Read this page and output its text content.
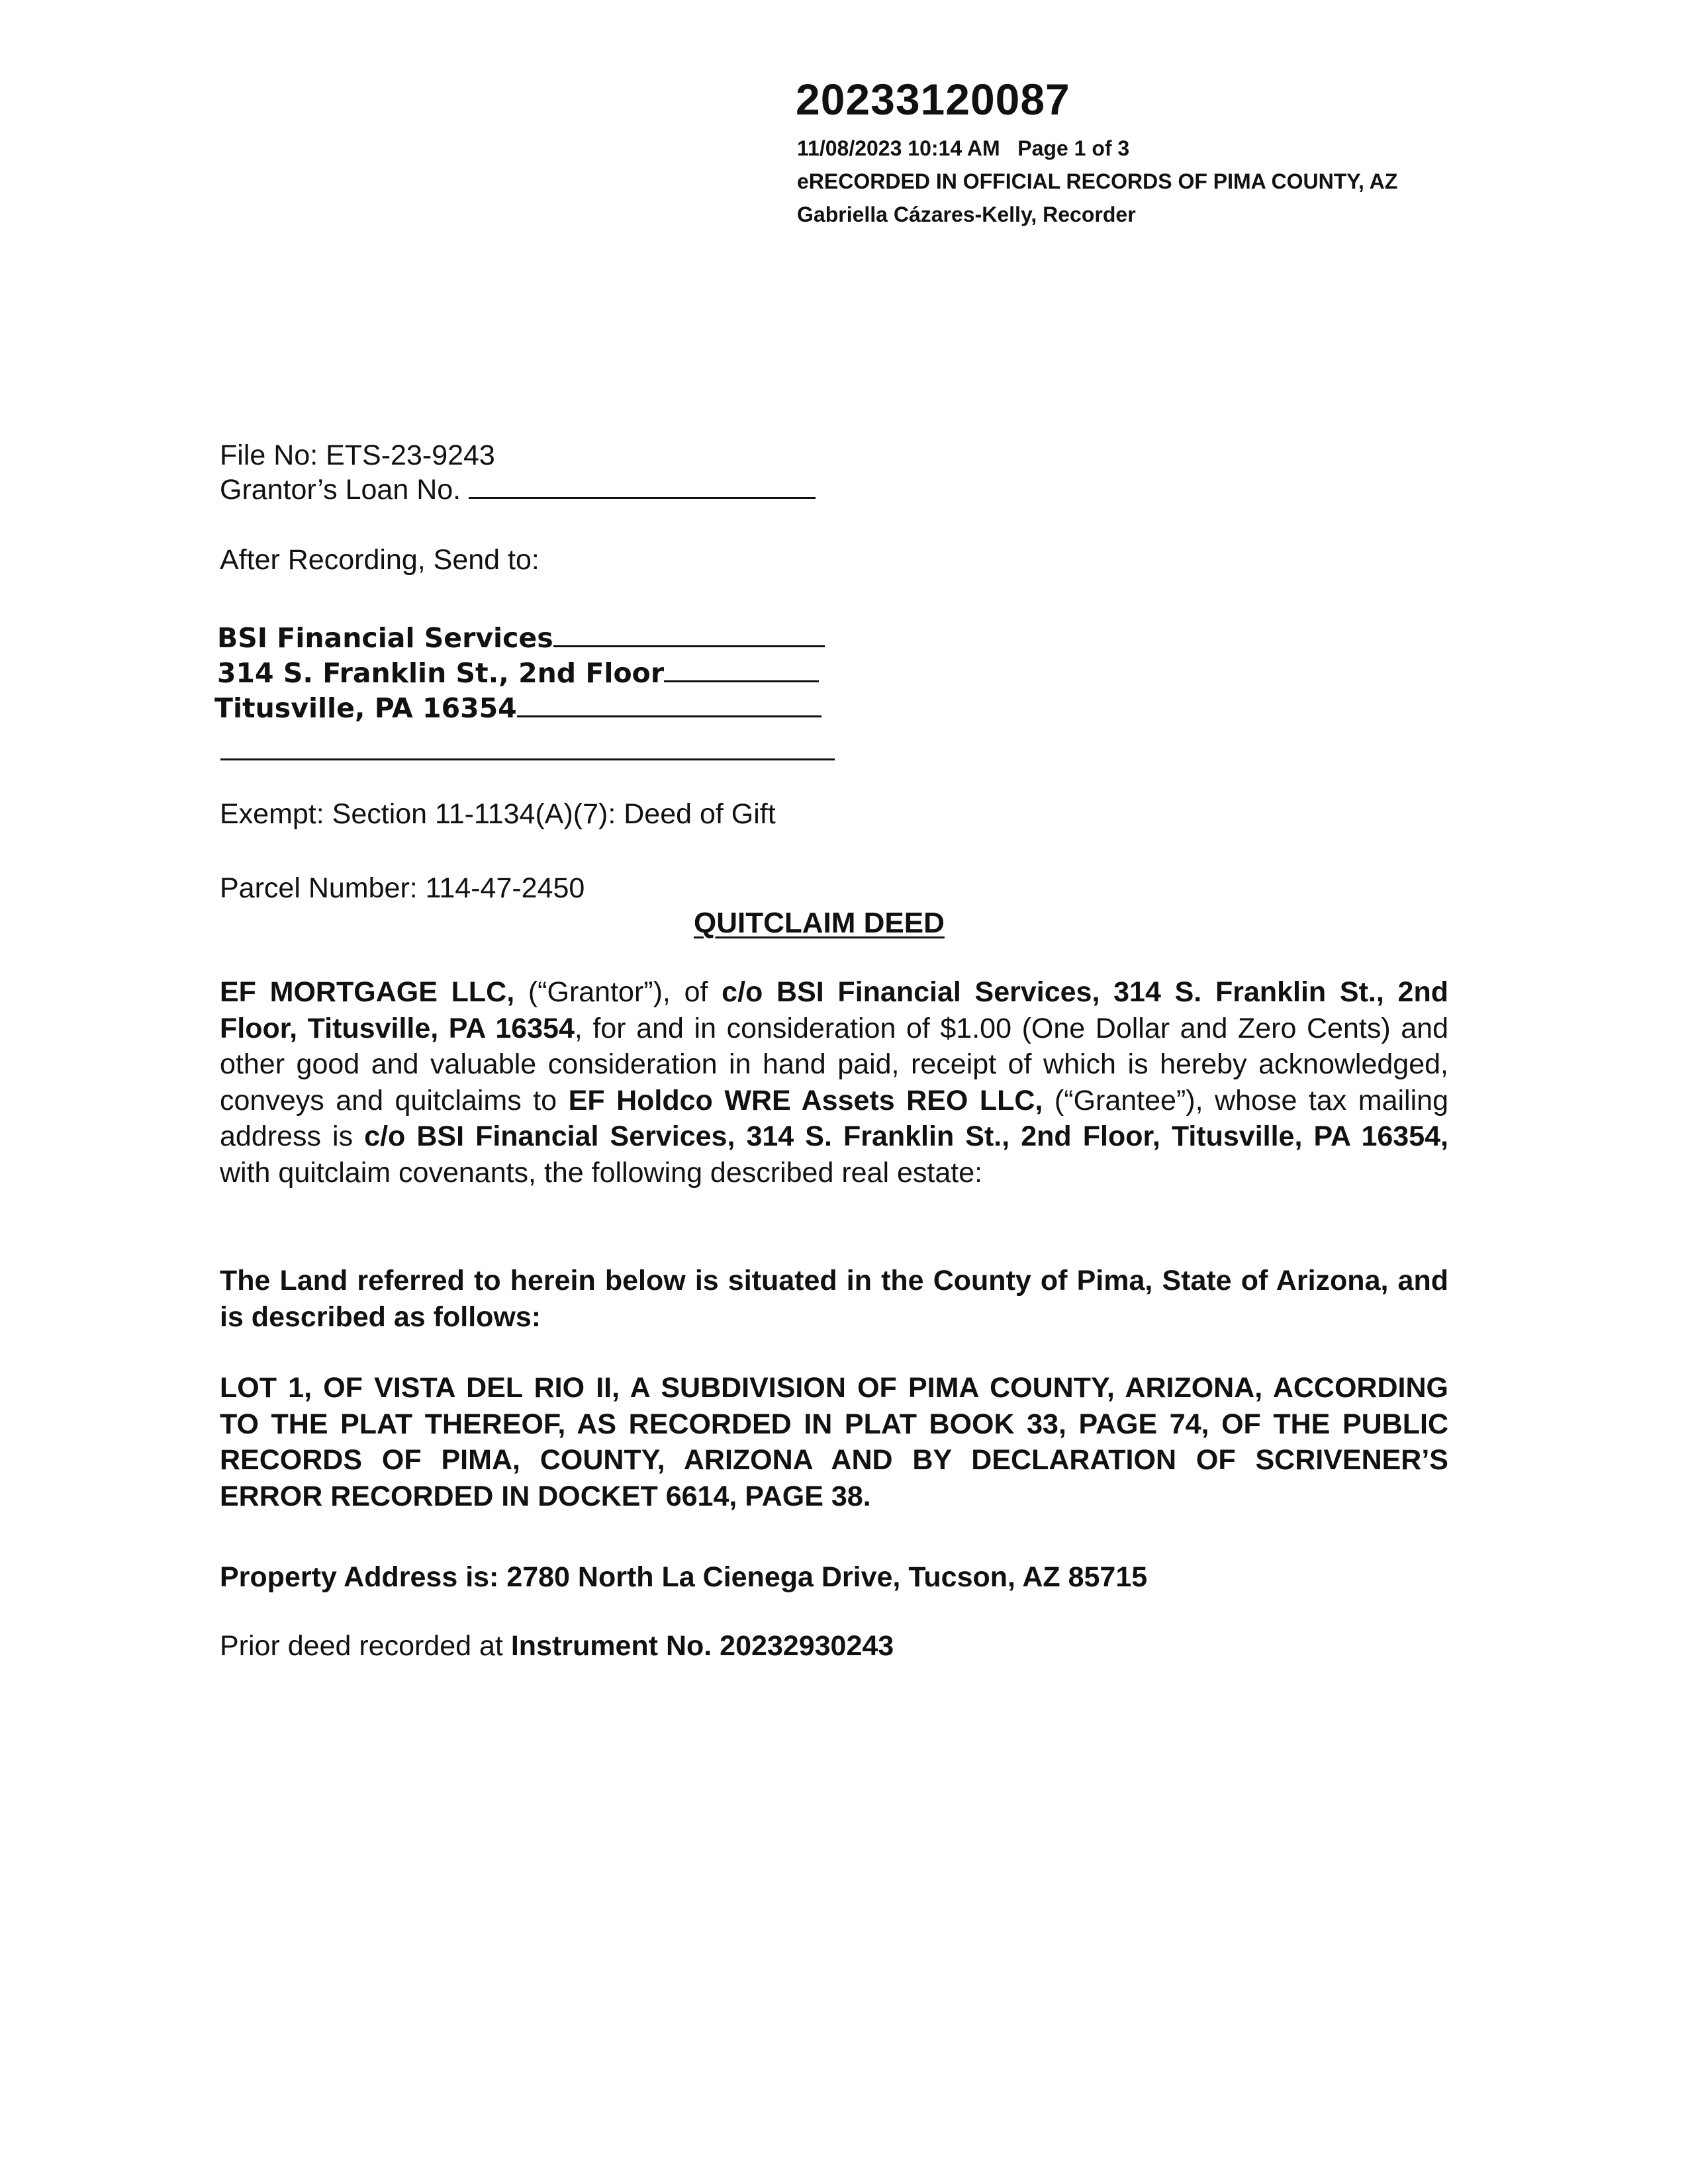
20233120087
11/08/2023 10:14 AM Page 1 of 3
eRECORDED IN OFFICIAL RECORDS OF PIMA COUNTY, AZ
Gabriella Cázares-Kelly, Recorder
File No: ETS-23-9243
Grantor’s Loan No.
After Recording, Send to:
BSI Financial Services
314 S. Franklin St., 2nd Floor
Titusville, PA 16354
Exempt: Section 11-1134(A)(7): Deed of Gift
Parcel Number: 114-47-2450
QUITCLAIM DEED
EF MORTGAGE LLC, (“Grantor”), of c/o BSI Financial Services, 314 S. Franklin St., 2nd Floor, Titusville, PA 16354, for and in consideration of $1.00 (One Dollar and Zero Cents) and other good and valuable consideration in hand paid, receipt of which is hereby acknowledged, conveys and quitclaims to EF Holdco WRE Assets REO LLC, (“Grantee”), whose tax mailing address is c/o BSI Financial Services, 314 S. Franklin St., 2nd Floor, Titusville, PA 16354, with quitclaim covenants, the following described real estate:
The Land referred to herein below is situated in the County of Pima, State of Arizona, and is described as follows:
LOT 1, OF VISTA DEL RIO II, A SUBDIVISION OF PIMA COUNTY, ARIZONA, ACCORDING TO THE PLAT THEREOF, AS RECORDED IN PLAT BOOK 33, PAGE 74, OF THE PUBLIC RECORDS OF PIMA, COUNTY, ARIZONA AND BY DECLARATION OF SCRIVENER’S ERROR RECORDED IN DOCKET 6614, PAGE 38.
Property Address is: 2780 North La Cienega Drive, Tucson, AZ 85715
Prior deed recorded at Instrument No. 20232930243
